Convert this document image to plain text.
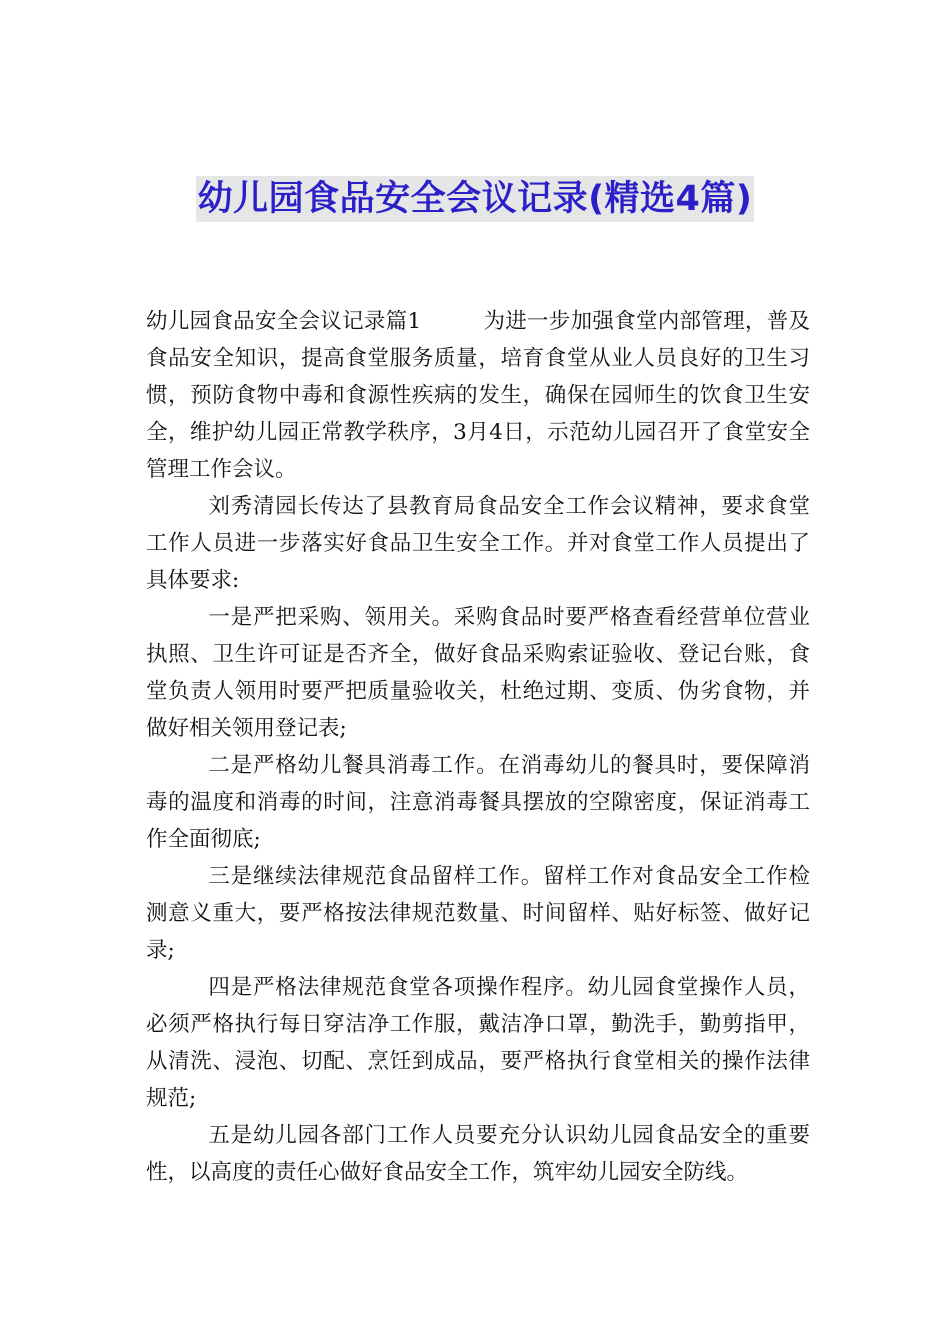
幼儿园食品安全会议记录(精选4篇)

幼儿园食品安全会议记录篇1	为进一步加强食堂内部管理，普及食品安全知识，提高食堂服务质量，培育食堂从业人员良好的卫生习惯，预防食物中毒和食源性疾病的发生，确保在园师生的饮食卫生安全，维护幼儿园正常教学秩序，3月4日，示范幼儿园召开了食堂安全管理工作会议。

刘秀清园长传达了县教育局食品安全工作会议精神，要求食堂工作人员进一步落实好食品卫生安全工作。并对食堂工作人员提出了具体要求:

一是严把采购、领用关。采购食品时要严格查看经营单位营业执照、卫生许可证是否齐全，做好食品采购索证验收、登记台账，食堂负责人领用时要严把质量验收关，杜绝过期、变质、伪劣食物，并做好相关领用登记表;

二是严格幼儿餐具消毒工作。在消毒幼儿的餐具时，要保障消毒的温度和消毒的时间，注意消毒餐具摆放的空隙密度，保证消毒工作全面彻底;

三是继续法律规范食品留样工作。留样工作对食品安全工作检测意义重大，要严格按法律规范数量、时间留样、贴好标签、做好记录;

四是严格法律规范食堂各项操作程序。幼儿园食堂操作人员，必须严格执行每日穿洁净工作服，戴洁净口罩，勤洗手，勤剪指甲，从清洗、浸泡、切配、烹饪到成品，要严格执行食堂相关的操作法律规范;

五是幼儿园各部门工作人员要充分认识幼儿园食品安全的重要性，以高度的责任心做好食品安全工作，筑牢幼儿园安全防线。
